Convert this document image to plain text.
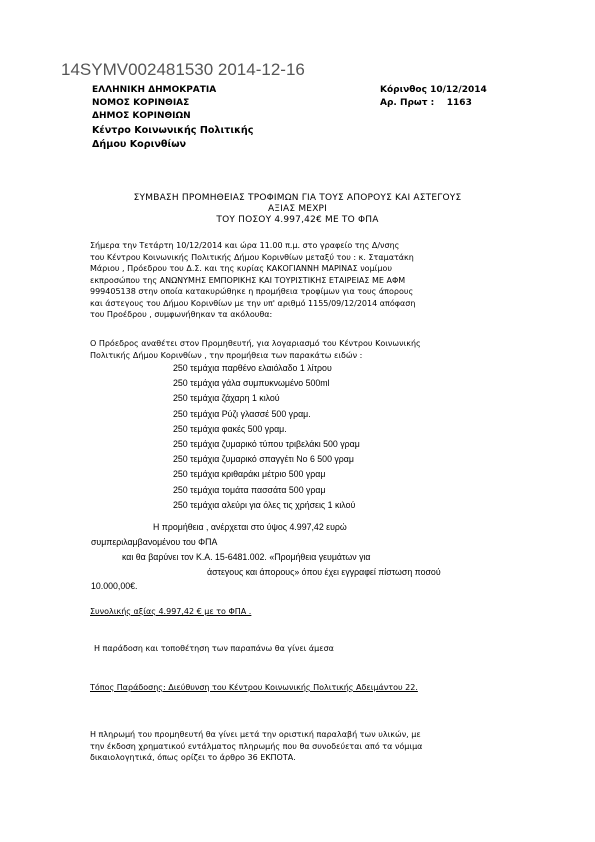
14SYMV002481530 2014-12-16
ΕΛΛΗΝΙΚΗ ΔΗΜΟΚΡΑΤΙΑ
ΝΟΜΟΣ ΚΟΡΙΝΘΙΑΣ
ΔΗΜΟΣ ΚΟΡΙΝΘΙΩΝ
Κέντρο Κοινωνικής Πολιτικής
Δήμου Κορινθίων
Κόρινθος 10/12/2014
Αρ. Πρωτ : 1163
ΣΥΜΒΑΣΗ ΠΡΟΜΗΘΕΙΑΣ ΤΡΟΦΙΜΩΝ ΓΙΑ ΤΟΥΣ ΑΠΟΡΟΥΣ ΚΑΙ ΑΣΤΕΓΟΥΣ
ΑΞΙΑΣ ΜΕΧΡΙ
ΤΟΥ ΠΟΣΟΥ 4.997,42€ ΜΕ ΤΟ ΦΠΑ
Σήμερα την Τετάρτη 10/12/2014 και ώρα 11.00 π.μ. στο γραφείο της Δ/νσης
του Κέντρου Κοινωνικής Πολιτικής Δήμου Κορινθίων μεταξύ του : κ. Σταματάκη
Μάριου , Πρόεδρου του Δ.Σ. και της κυρίας ΚΑΚΟΓΙΑΝΝΗ ΜΑΡΙΝΑΣ νομίμου
εκπροσώπου της ΑΝΩΝΥΜΗΣ ΕΜΠΟΡΙΚΗΣ ΚΑΙ ΤΟΥΡΙΣΤΙΚΗΣ ΕΤΑΙΡΕΙΑΣ ΜΕ ΑΦΜ
999405138 στην οποία κατακυρώθηκε η προμήθεια τροφίμων για τους άπορους
και άστεγους του Δήμου Κορινθίων με την υπ' αριθμό 1155/09/12/2014 απόφαση
του Προέδρου , συμφωνήθηκαν τα ακόλουθα:
Ο Πρόεδρος αναθέτει στον Προμηθευτή, για λογαριασμό του Κέντρου Κοινωνικής
Πολιτικής Δήμου Κορινθίων , την προμήθεια των παρακάτω ειδών :
250 τεμάχια παρθένο ελαιόλαδο 1 λίτρου
250 τεμάχια γάλα συμπυκνωμένο 500ml
250 τεμάχια ζάχαρη 1 κιλού
250 τεμάχια Ρύζι γλασσέ 500 γραμ.
250 τεμάχια φακές 500 γραμ.
250 τεμάχια ζυμαρικό τύπου τριβελάκι 500 γραμ
250 τεμάχια ζυμαρικό σπαγγέτι Νο 6 500 γραμ
250 τεμάχια κριθαράκι μέτριο 500 γραμ
250 τεμάχια τομάτα πασσάτα 500 γραμ
250 τεμάχια αλεύρι για όλες τις χρήσεις 1 κιλού
Η προμήθεια , ανέρχεται στο ύψος 4.997,42 ευρώ
συμπεριλαμβανομένου του ΦΠΑ
και θα βαρύνει τον Κ.Α. 15-6481.002. «Προμήθεια γευμάτων για
άστεγους και άπορους» όπου έχει εγγραφεί πίστωση ποσού
10.000,00€.
Συνολικής αξίας 4.997,42 € με το ΦΠΑ .
Η παράδοση και τοποθέτηση των παραπάνω θα γίνει άμεσα
Τόπος Παράδοσης: Διεύθυνση του Κέντρου Κοινωνικής Πολιτικής Αδειμάντου 22.
Η πληρωμή του προμηθευτή θα γίνει μετά την οριστική παραλαβή των υλικών, με
την έκδοση χρηματικού εντάλματος πληρωμής που θα συνοδεύεται από τα νόμιμα
δικαιολογητικά, όπως ορίζει το άρθρο 36 ΕΚΠΟΤΑ.
